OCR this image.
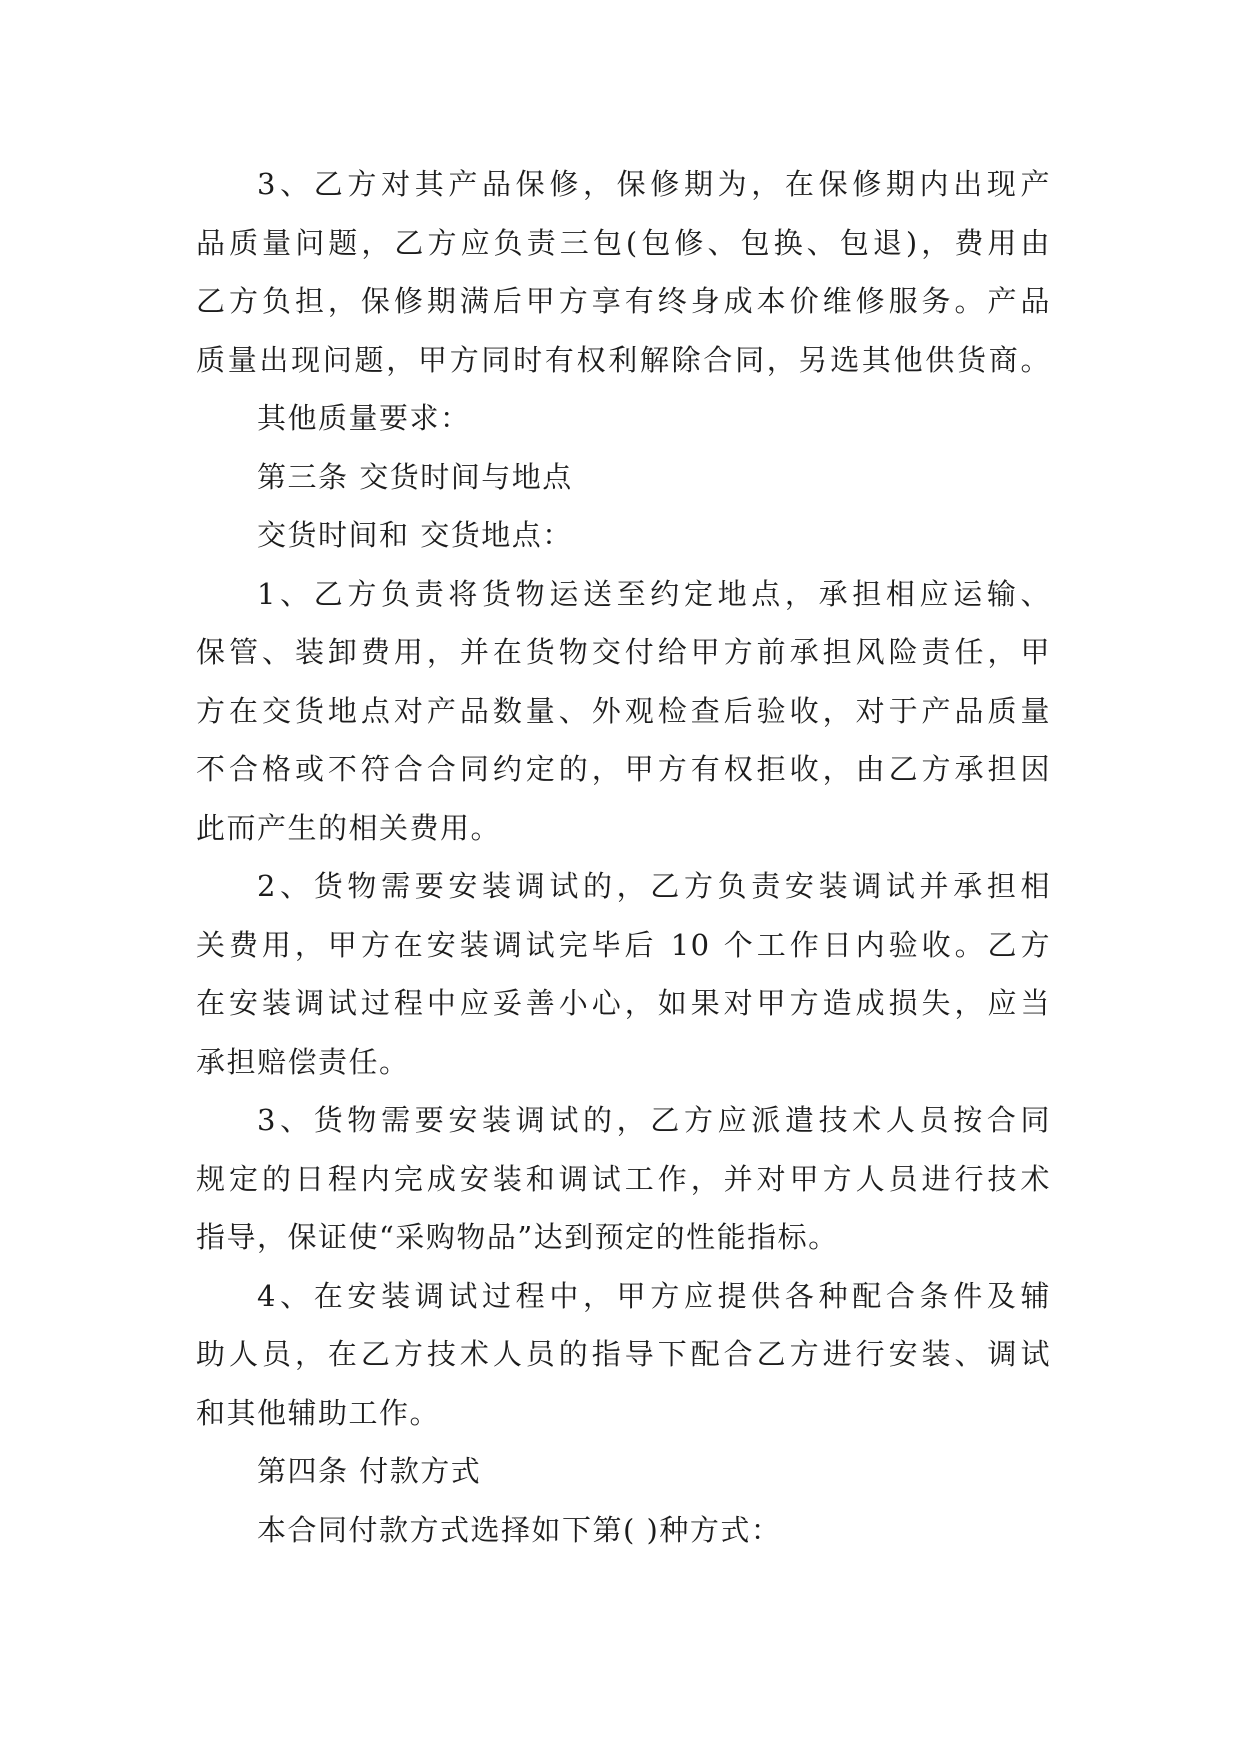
3、乙方对其产品保修，保修期为，在保修期内出现产
品质量问题，乙方应负责三包(包修、包换、包退)，费用由
乙方负担，保修期满后甲方享有终身成本价维修服务。产品
质量出现问题，甲方同时有权利解除合同，另选其他供货商。
其他质量要求：
第三条 交货时间与地点
交货时间和 交货地点：
1、乙方负责将货物运送至约定地点，承担相应运输、
保管、装卸费用，并在货物交付给甲方前承担风险责任，甲
方在交货地点对产品数量、外观检查后验收，对于产品质量
不合格或不符合合同约定的，甲方有权拒收，由乙方承担因
此而产生的相关费用。
2、货物需要安装调试的，乙方负责安装调试并承担相
关费用，甲方在安装调试完毕后 10 个工作日内验收。乙方
在安装调试过程中应妥善小心，如果对甲方造成损失，应当
承担赔偿责任。
3、货物需要安装调试的，乙方应派遣技术人员按合同
规定的日程内完成安装和调试工作，并对甲方人员进行技术
指导，保证使“采购物品”达到预定的性能指标。
4、在安装调试过程中，甲方应提供各种配合条件及辅
助人员，在乙方技术人员的指导下配合乙方进行安装、调试
和其他辅助工作。
第四条 付款方式
本合同付款方式选择如下第( )种方式：
